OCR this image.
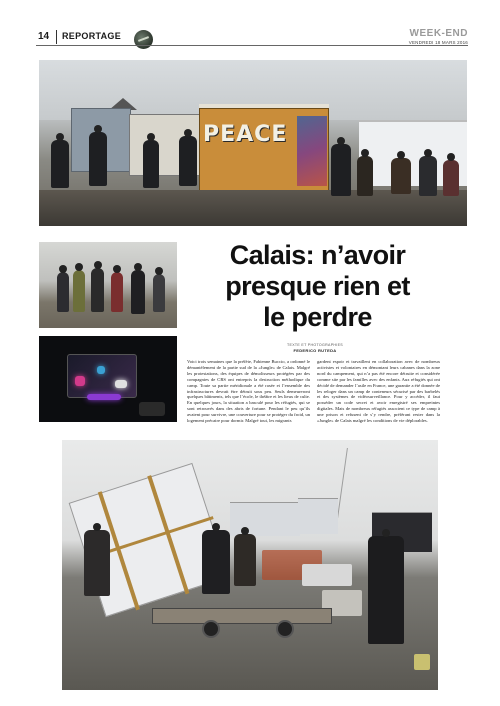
14 REPORTAGE	WEEK-END
VENDREDI 18 MARS 2016
PEACE
Calais: n’avoir
presque rien et
le perdre
TEXTE ET PHOTOGRAPHIES
FEDERICO RUTEDA
Voici trois semaines que la préfète, Fabienne Buccio, a ordonné le démantèlement de la partie sud de la «Jungle» de Calais. Malgré les protestations, des équipes de démolisseurs protégées par des compagnies de CRS ont entrepris la destruction méthodique du camp. Toute sa partie méridionale a été rasée et l’ensemble des infrastructures devrait être détruit sous peu. Seuls demeureront quelques bâtiments, tels que l’école, le théâtre et les lieux de culte. En quelques jours, la situation a basculé pour les réfugiés, qui se sont retrouvés dans des abris de fortune. Pendant le peu qu’ils avaient pour survivre, une couverture pour se protéger du froid, un logement précaire pour dormir. Malgré tout, les migrants
gardent espoir et travaillent en collaboration avec de nombreux activistes et volontaires en démontant leurs cabanes dans la zone nord du campement, qui n’a pas été encore détruite et considérée comme site par les familles avec des enfants. Aux réfugiés qui ont décidé de demander l’asile en France, une garantie a été donnée de les reloger dans un camp de conteneurs sécurisé par des barbelés et des systèmes de vidéosurveillance. Pour y accéder, il faut posséder un code secret et avoir enregistré ses empreintes digitales. Mais de nombreux réfugiés associent ce type de camp à une prison et refusent de s’y rendre, préférant rester dans la «Jungle» de Calais malgré les conditions de vie déplorables.
